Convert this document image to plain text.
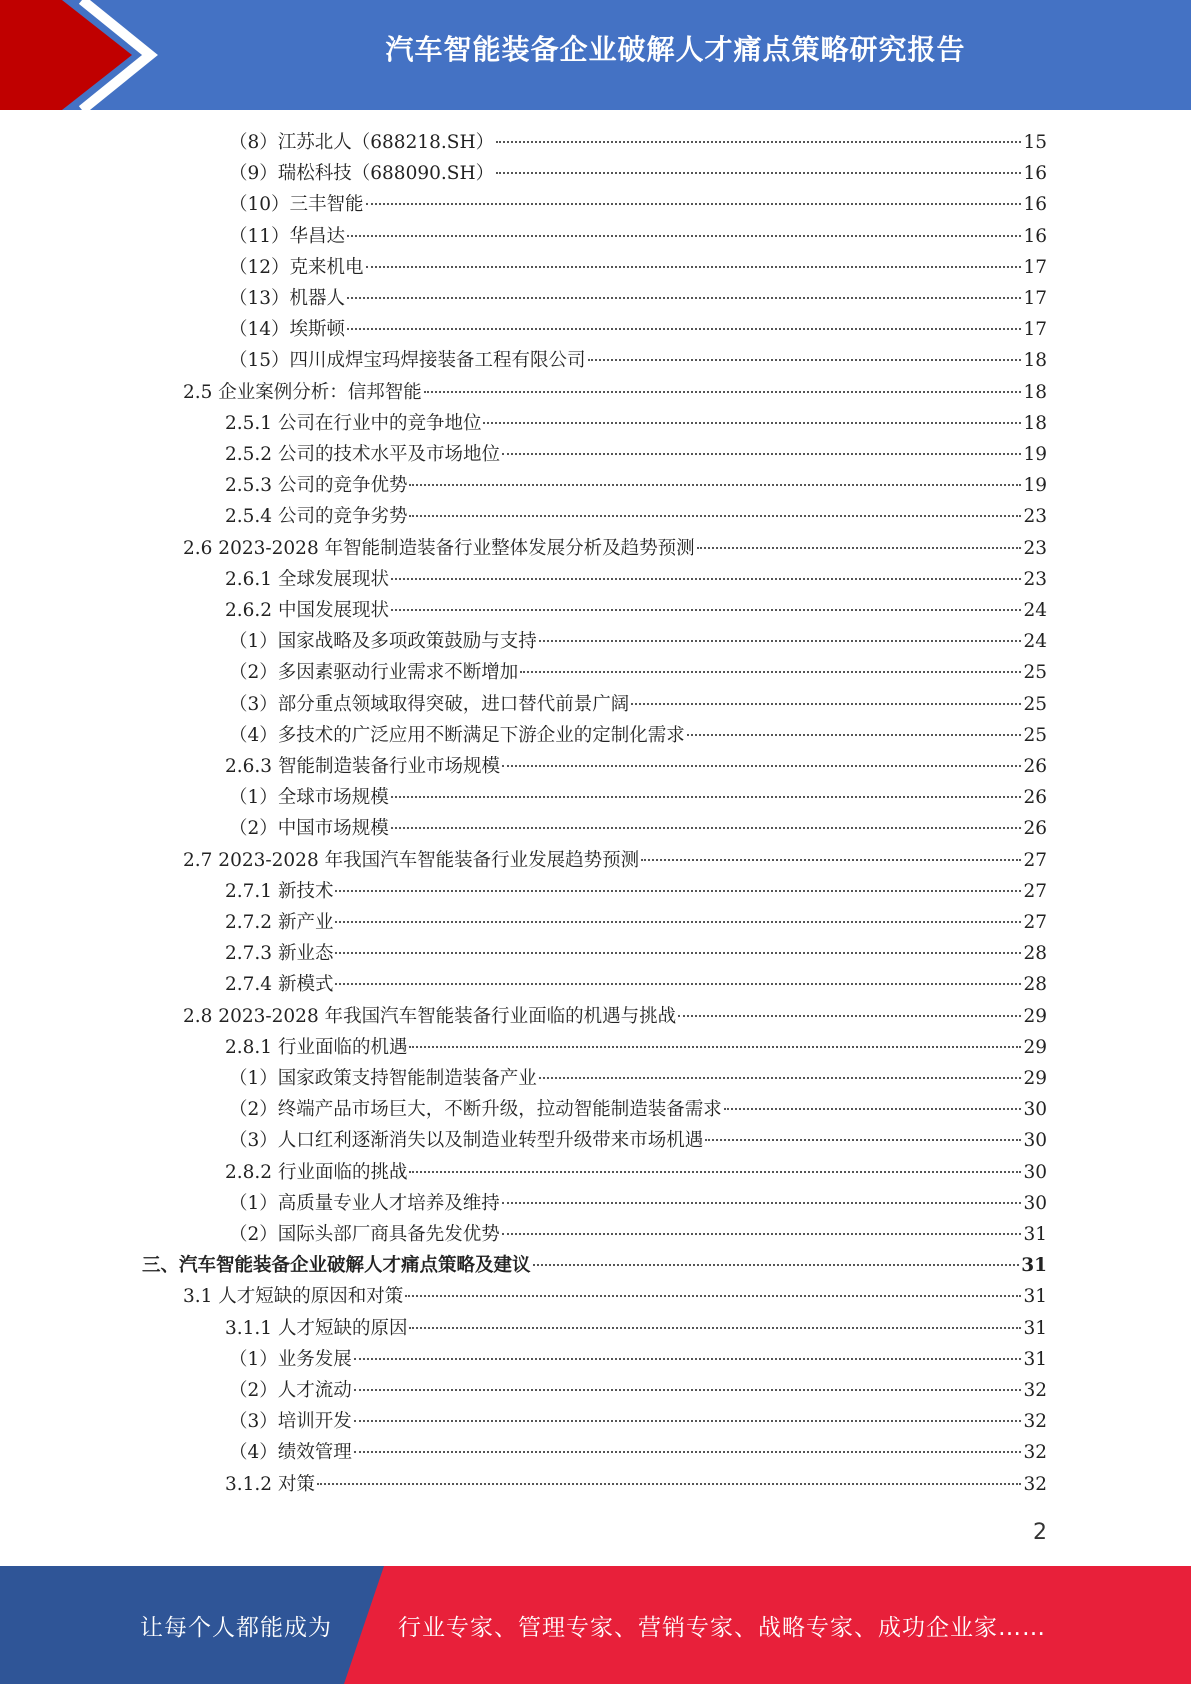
汽车智能装备企业破解人才痛点策略研究报告
（8）江苏北人（688218.SH）	15
（9）瑞松科技（688090.SH）	16
（10）三丰智能	16
（11）华昌达	16
（12）克来机电	17
（13）机器人	17
（14）埃斯顿	17
（15）四川成焊宝玛焊接装备工程有限公司	18
2.5 企业案例分析：信邦智能	18
2.5.1 公司在行业中的竞争地位	18
2.5.2 公司的技术水平及市场地位	19
2.5.3 公司的竞争优势	19
2.5.4 公司的竞争劣势	23
2.6 2023-2028 年智能制造装备行业整体发展分析及趋势预测	23
2.6.1 全球发展现状	23
2.6.2 中国发展现状	24
（1）国家战略及多项政策鼓励与支持	24
（2）多因素驱动行业需求不断增加	25
（3）部分重点领域取得突破，进口替代前景广阔	25
（4）多技术的广泛应用不断满足下游企业的定制化需求	25
2.6.3 智能制造装备行业市场规模	26
（1）全球市场规模	26
（2）中国市场规模	26
2.7 2023-2028 年我国汽车智能装备行业发展趋势预测	27
2.7.1 新技术	27
2.7.2 新产业	27
2.7.3 新业态	28
2.7.4 新模式	28
2.8 2023-2028 年我国汽车智能装备行业面临的机遇与挑战	29
2.8.1 行业面临的机遇	29
（1）国家政策支持智能制造装备产业	29
（2）终端产品市场巨大，不断升级，拉动智能制造装备需求	30
（3）人口红利逐渐消失以及制造业转型升级带来市场机遇	30
2.8.2 行业面临的挑战	30
（1）高质量专业人才培养及维持	30
（2）国际头部厂商具备先发优势	31
三、汽车智能装备企业破解人才痛点策略及建议	31
3.1 人才短缺的原因和对策	31
3.1.1 人才短缺的原因	31
（1）业务发展	31
（2）人才流动	32
（3）培训开发	32
（4）绩效管理	32
3.1.2 对策	32
2
让每个人都能成为	行业专家、管理专家、营销专家、战略专家、成功企业家……
